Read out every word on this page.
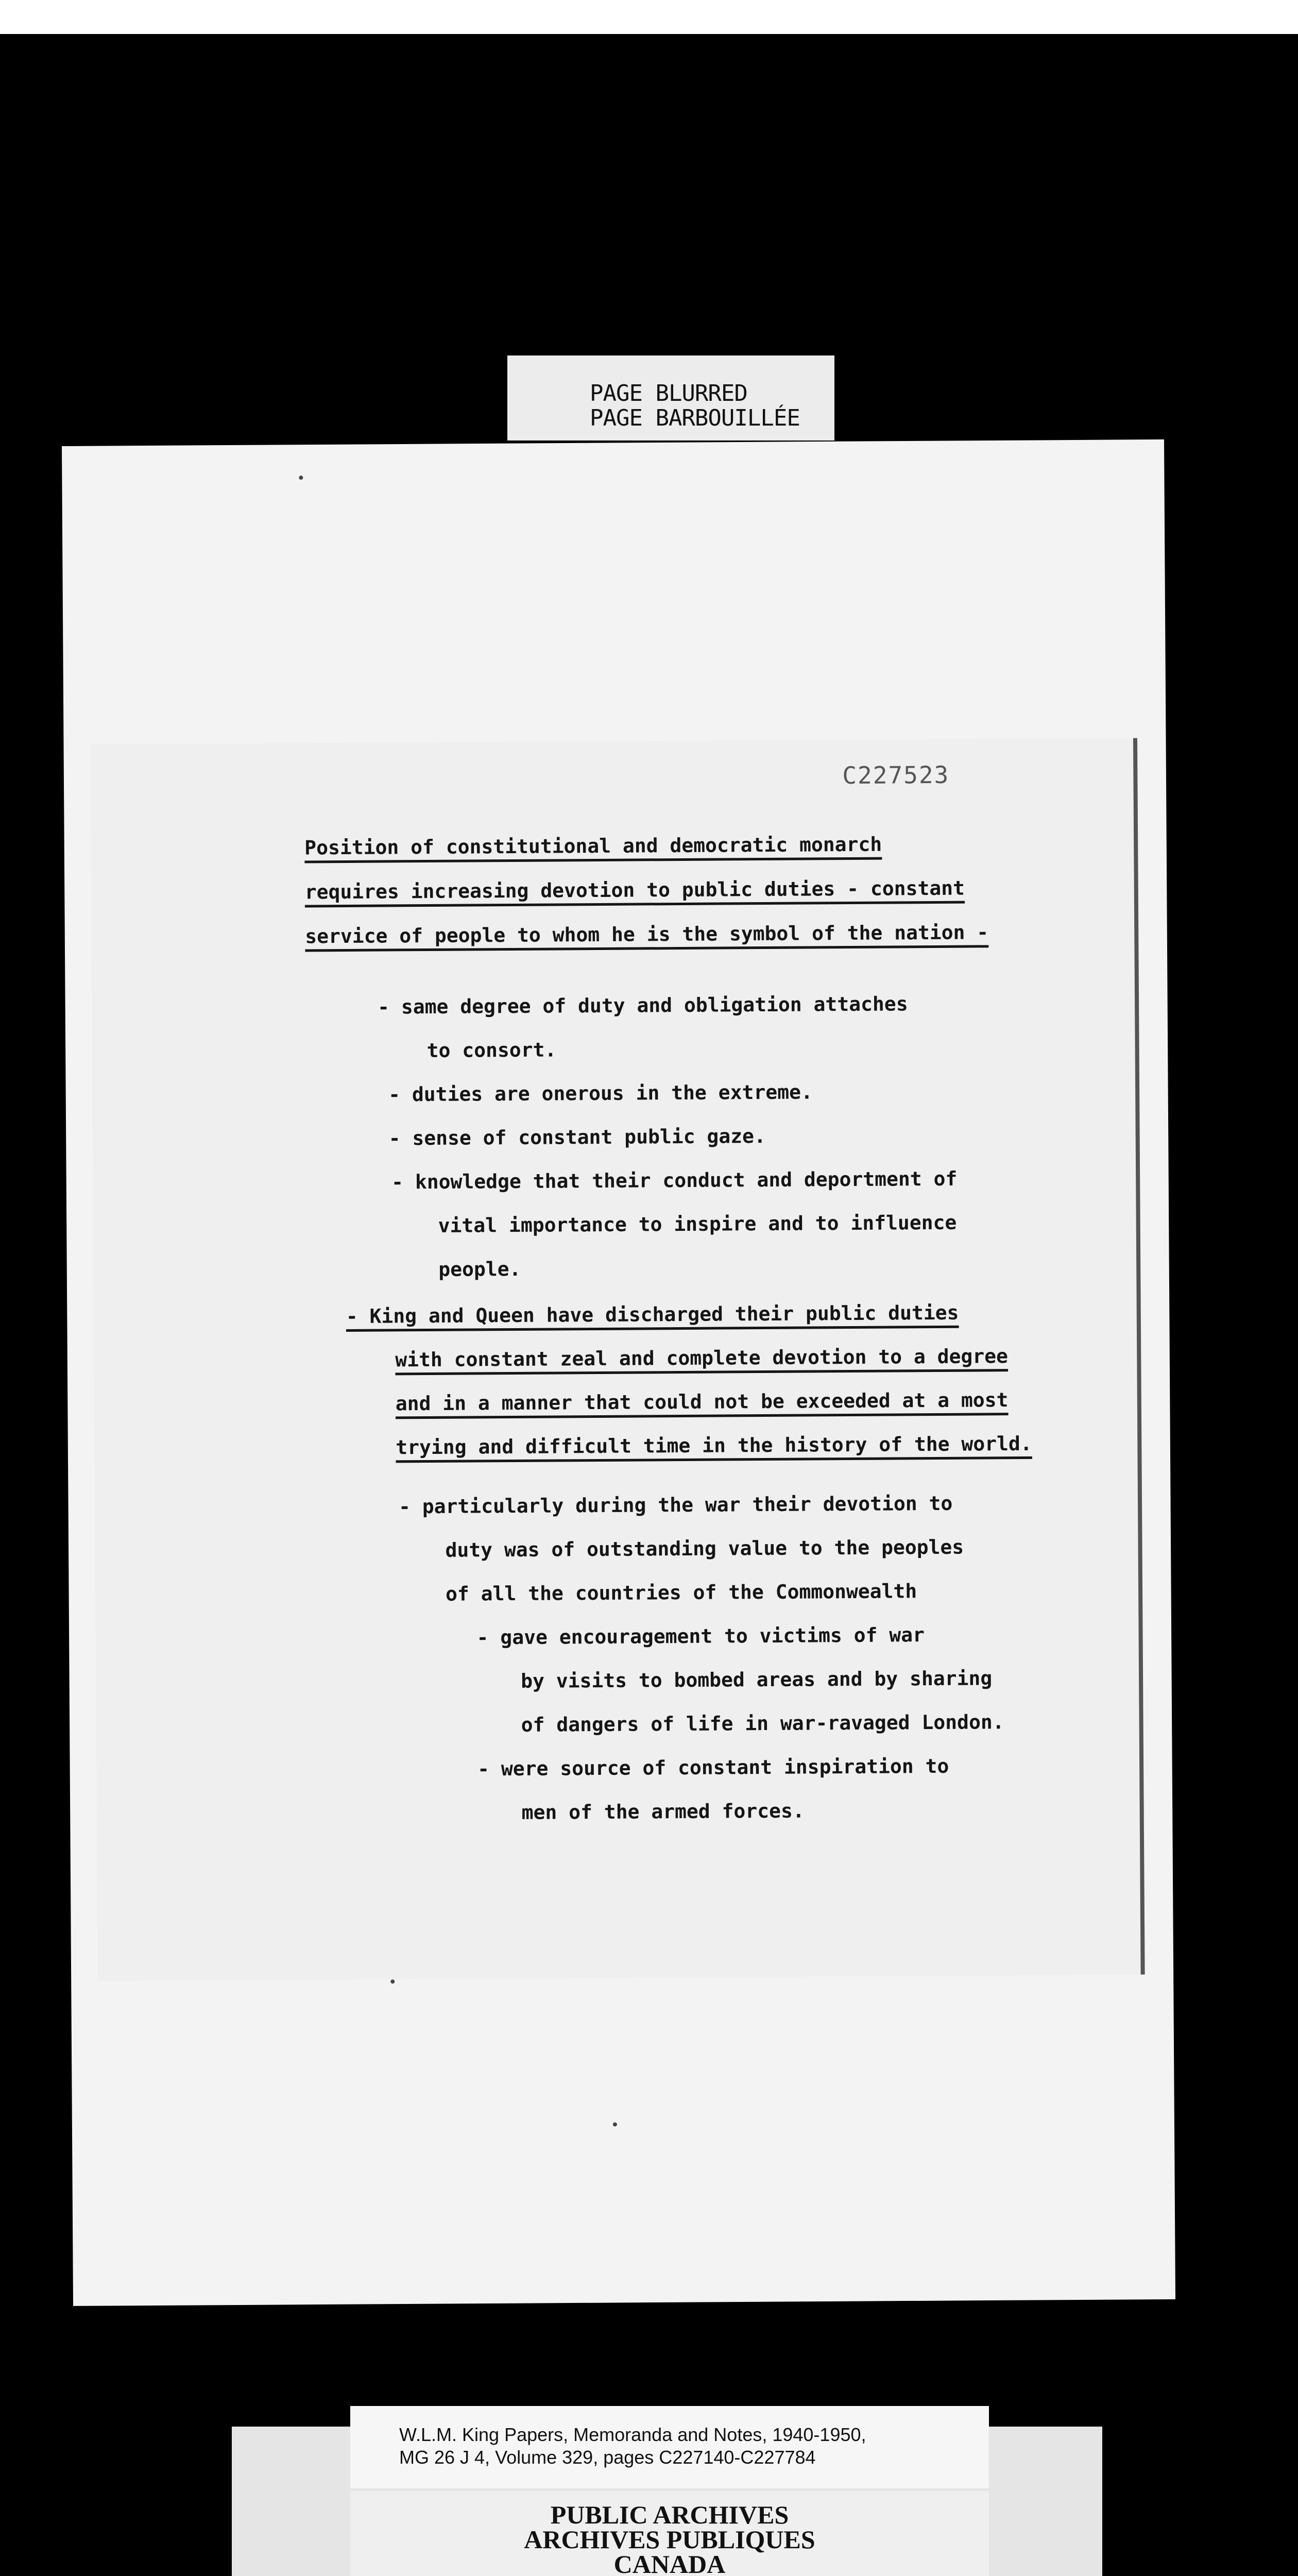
PAGE BLURRED
PAGE BARBOUILLÉE
C227523
Position of constitutional and democratic monarch
requires increasing devotion to public duties - constant
service of people to whom he is the symbol of the nation -
- same degree of duty and obligation attaches
to consort.
- duties are onerous in the extreme.
- sense of constant public gaze.
- knowledge that their conduct and deportment of
vital importance to inspire and to influence
people.
- King and Queen have discharged their public duties
with constant zeal and complete devotion to a degree
and in a manner that could not be exceeded at a most
trying and difficult time in the history of the world.
- particularly during the war their devotion to
duty was of outstanding value to the peoples
of all the countries of the Commonwealth
- gave encouragement to victims of war
by visits to bombed areas and by sharing
of dangers of life in war-ravaged London.
- were source of constant inspiration to
men of the armed forces.
W.L.M. King Papers, Memoranda and Notes, 1940-1950,
MG 26 J 4, Volume 329, pages C227140-C227784
PUBLIC ARCHIVES
ARCHIVES PUBLIQUES
CANADA
